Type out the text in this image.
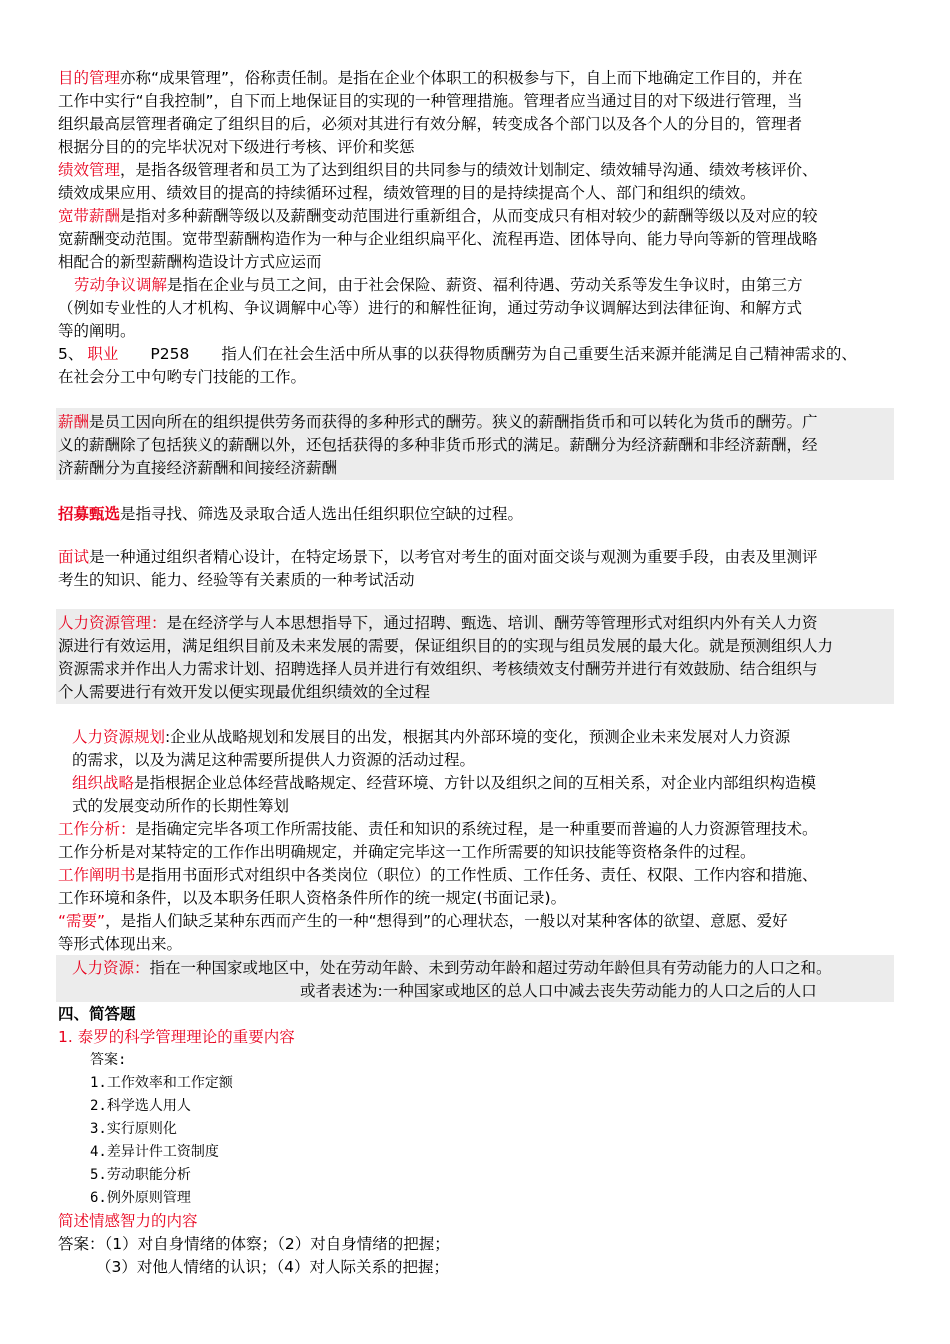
目的管理亦称“成果管理”，俗称责任制。是指在企业个体职工的积极参与下，自上而下地确定工作目的，并在
工作中实行“自我控制”，自下而上地保证目的实现的一种管理措施。管理者应当通过目的对下级进行管理，当
组织最高层管理者确定了组织目的后，必须对其进行有效分解，转变成各个部门以及各个人的分目的，管理者
根据分目的的完毕状况对下级进行考核、评价和奖惩
绩效管理，是指各级管理者和员工为了达到组织目的共同参与的绩效计划制定、绩效辅导沟通、绩效考核评价、
绩效成果应用、绩效目的提高的持续循环过程，绩效管理的目的是持续提高个人、部门和组织的绩效。
宽带薪酬是指对多种薪酬等级以及薪酬变动范围进行重新组合，从而变成只有相对较少的薪酬等级以及对应的较
宽薪酬变动范围。宽带型薪酬构造作为一种与企业组织扁平化、流程再造、团体导向、能力导向等新的管理战略
相配合的新型薪酬构造设计方式应运而
劳动争议调解是指在企业与员工之间，由于社会保险、薪资、福利待遇、劳动关系等发生争议时，由第三方
（例如专业性的人才机构、争议调解中心等）进行的和解性征询，通过劳动争议调解达到法律征询、和解方式
等的阐明。
5、 职业 P258 指人们在社会生活中所从事的以获得物质酬劳为自己重要生活来源并能满足自己精神需求的、
在社会分工中句哟专门技能的工作。
薪酬是员工因向所在的组织提供劳务而获得的多种形式的酬劳。狭义的薪酬指货币和可以转化为货币的酬劳。广
义的薪酬除了包括狭义的薪酬以外，还包括获得的多种非货币形式的满足。薪酬分为经济薪酬和非经济薪酬，经
济薪酬分为直接经济薪酬和间接经济薪酬
招募甄选是指寻找、筛选及录取合适人选出任组织职位空缺的过程。
面试是一种通过组织者精心设计，在特定场景下，以考官对考生的面对面交谈与观测为重要手段，由表及里测评
考生的知识、能力、经验等有关素质的一种考试活动
人力资源管理：是在经济学与人本思想指导下，通过招聘、甄选、培训、酬劳等管理形式对组织内外有关人力资
源进行有效运用，满足组织目前及未来发展的需要，保证组织目的的实现与组员发展的最大化。就是预测组织人力
资源需求并作出人力需求计划、招聘选择人员并进行有效组织、考核绩效支付酬劳并进行有效鼓励、结合组织与
个人需要进行有效开发以便实现最优组织绩效的全过程
人力资源规划:企业从战略规划和发展目的出发，根据其内外部环境的变化，预测企业未来发展对人力资源
的需求，以及为满足这种需要所提供人力资源的活动过程。
组织战略是指根据企业总体经营战略规定、经营环境、方针以及组织之间的互相关系，对企业内部组织构造模
式的发展变动所作的长期性筹划
工作分析：是指确定完毕各项工作所需技能、责任和知识的系统过程，是一种重要而普遍的人力资源管理技术。
工作分析是对某特定的工作作出明确规定，并确定完毕这一工作所需要的知识技能等资格条件的过程。
工作阐明书是指用书面形式对组织中各类岗位（职位）的工作性质、工作任务、责任、权限、工作内容和措施、
工作环境和条件，以及本职务任职人资格条件所作的统一规定(书面记录)。
“需要”，是指人们缺乏某种东西而产生的一种“想得到”的心理状态，一般以对某种客体的欲望、意愿、爱好
等形式体现出来。
人力资源：指在一种国家或地区中，处在劳动年龄、未到劳动年龄和超过劳动年龄但具有劳动能力的人口之和。
或者表述为:一种国家或地区的总人口中减去丧失劳动能力的人口之后的人口
四、简答题
1. 泰罗的科学管理理论的重要内容
答案:
1.工作效率和工作定额
2.科学选人用人
3.实行原则化
4.差异计件工资制度
5.劳动职能分析
6.例外原则管理
简述情感智力的内容
答案：（1）对自身情绪的体察；（2）对自身情绪的把握；
（3）对他人情绪的认识；（4）对人际关系的把握；
